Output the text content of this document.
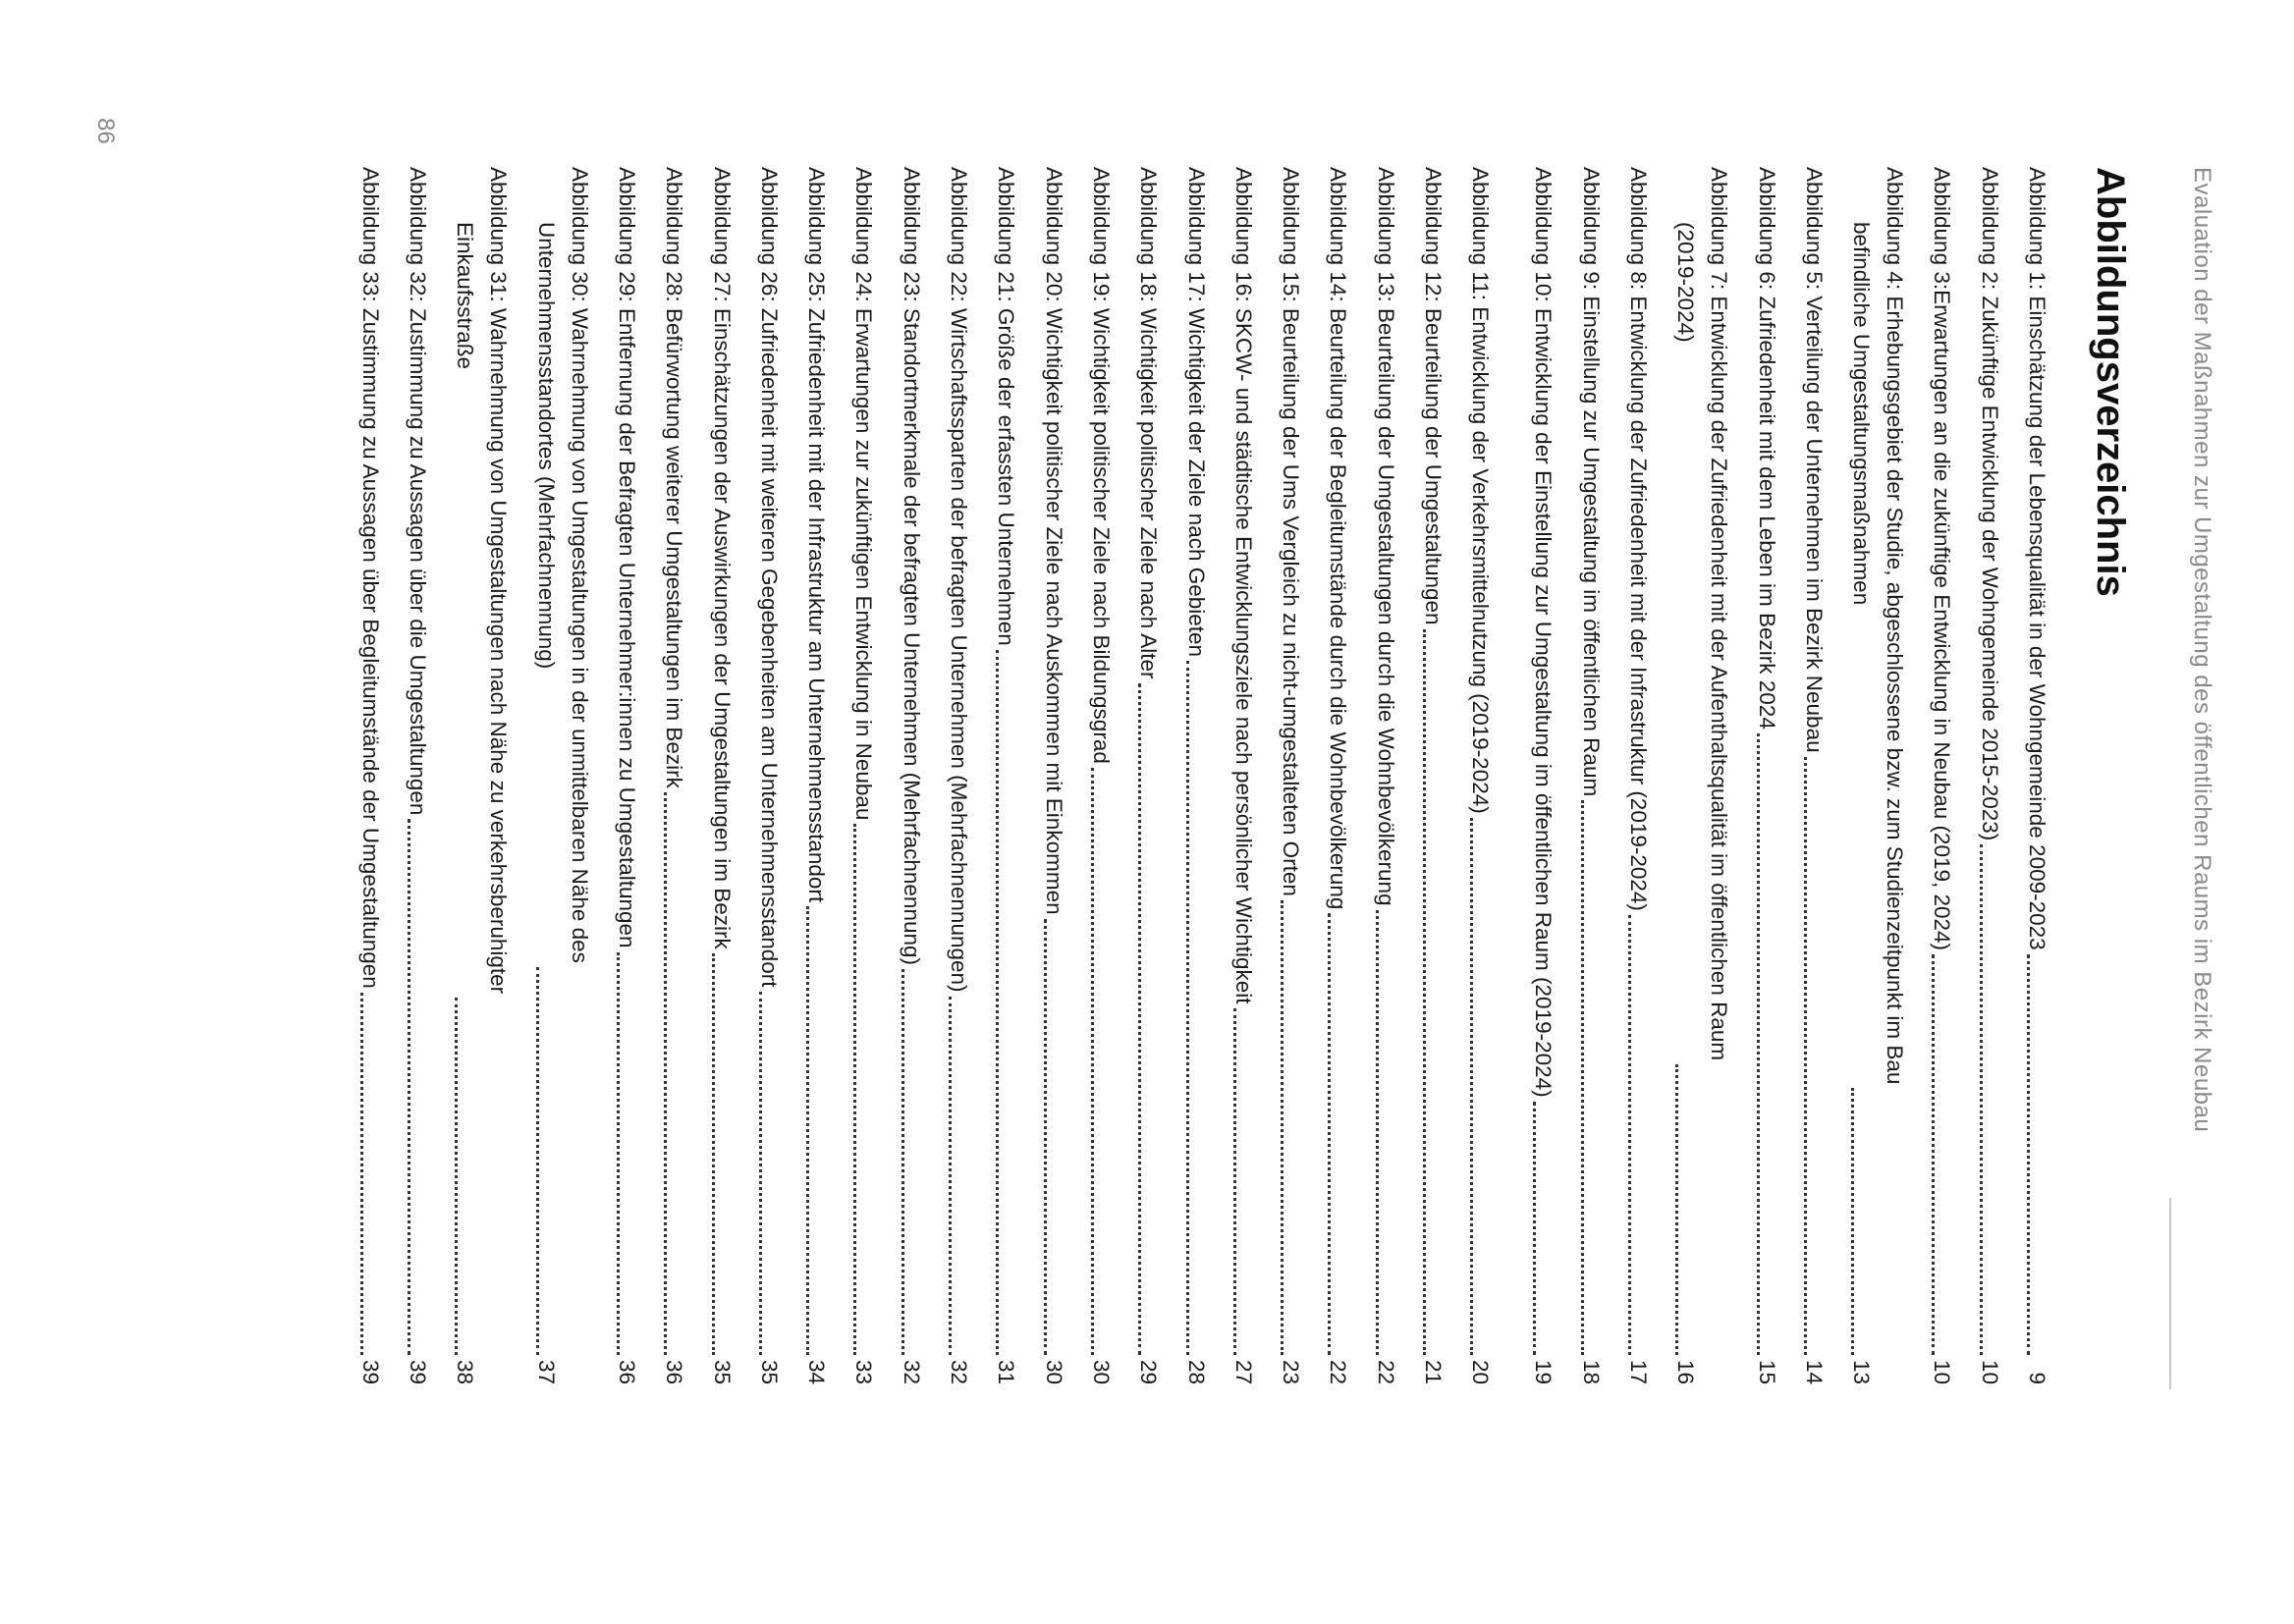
Evaluation der Maßnahmen zur Umgestaltung des öffentlichen Raums im Bezirk Neubau
Abbildungsverzeichnis
Abbildung 1: Einschätzung der Lebensqualität in der Wohngemeinde 2009-2023
9
Abbildung 2: Zukünftige Entwicklung der Wohngemeinde 2015-2023)
10
Abbildung 3:Erwartungen an die zukünftige Entwicklung in Neubau (2019, 2024)
10
Abbildung 4: Erhebungsgebiet der Studie, abgeschlossene bzw. zum Studienzeitpunkt im Bau
befindliche Umgestaltungsmaßnahmen
13
Abbildung 5: Verteilung der Unternehmen im Bezirk Neubau
14
Abbildung 6: Zufriedenheit mit dem Leben im Bezirk 2024
15
Abbildung 7: Entwicklung der Zufriedenheit mit der Aufenthaltsqualität im öffentlichen Raum
(2019-2024)
16
Abbildung 8: Entwicklung der Zufriedenheit mit der Infrastruktur (2019-2024)
17
Abbildung 9: Einstellung zur Umgestaltung im öffentlichen Raum
18
Abbildung 10: Entwicklung der Einstellung zur Umgestaltung im öffentlichen Raum (2019-2024)
19
Abbildung 11: Entwicklung der Verkehrsmittelnutzung (2019-2024)
20
Abbildung 12: Beurteilung der Umgestaltungen
21
Abbildung 13: Beurteilung der Umgestaltungen durch die Wohnbevölkerung
22
Abbildung 14: Beurteilung der Begleitumstände durch die Wohnbevölkerung
22
Abbildung 15: Beurteilung der Ums Vergleich zu nicht-umgestalteten Orten
23
Abbildung 16: SKCW- und städtische Entwicklungsziele nach persönlicher Wichtigkeit
27
Abbildung 17: Wichtigkeit der Ziele nach Gebieten
28
Abbildung 18: Wichtigkeit politischer Ziele nach Alter
29
Abbildung 19: Wichtigkeit politischer Ziele nach Bildungsgrad
30
Abbildung 20: Wichtigkeit politischer Ziele nach Auskommen mit Einkommen
30
Abbildung 21: Größe der erfassten Unternehmen
31
Abbildung 22: Wirtschaftssparten der befragten Unternehmen (Mehrfachnennungen)
32
Abbildung 23: Standortmerkmale der befragten Unternehmen (Mehrfachnennung)
32
Abbildung 24: Erwartungen zur zukünftigen Entwicklung in Neubau
33
Abbildung 25: Zufriedenheit mit der Infrastruktur am Unternehmensstandort
34
Abbildung 26: Zufriedenheit mit weiteren Gegebenheiten am Unternehmensstandort
35
Abbildung 27: Einschätzungen der Auswirkungen der Umgestaltungen im Bezirk
35
Abbildung 28: Befürwortung weiterer Umgestaltungen im Bezirk
36
Abbildung 29: Entfernung der Befragten Unternehmer:innen zu Umgestaltungen
36
Abbildung 30: Wahrnehmung von Umgestaltungen in der unmittelbaren Nähe des
Unternehmensstandortes (Mehrfachnennung)
37
Abbildung 31: Wahrnehmung von Umgestaltungen nach Nähe zu verkehrsberuhigter
Einkaufsstraße
38
Abbildung 32: Zustimmung zu Aussagen über die Umgestaltungen
39
Abbildung 33: Zustimmung zu Aussagen über Begleitumstände der Umgestaltungen
39
86
